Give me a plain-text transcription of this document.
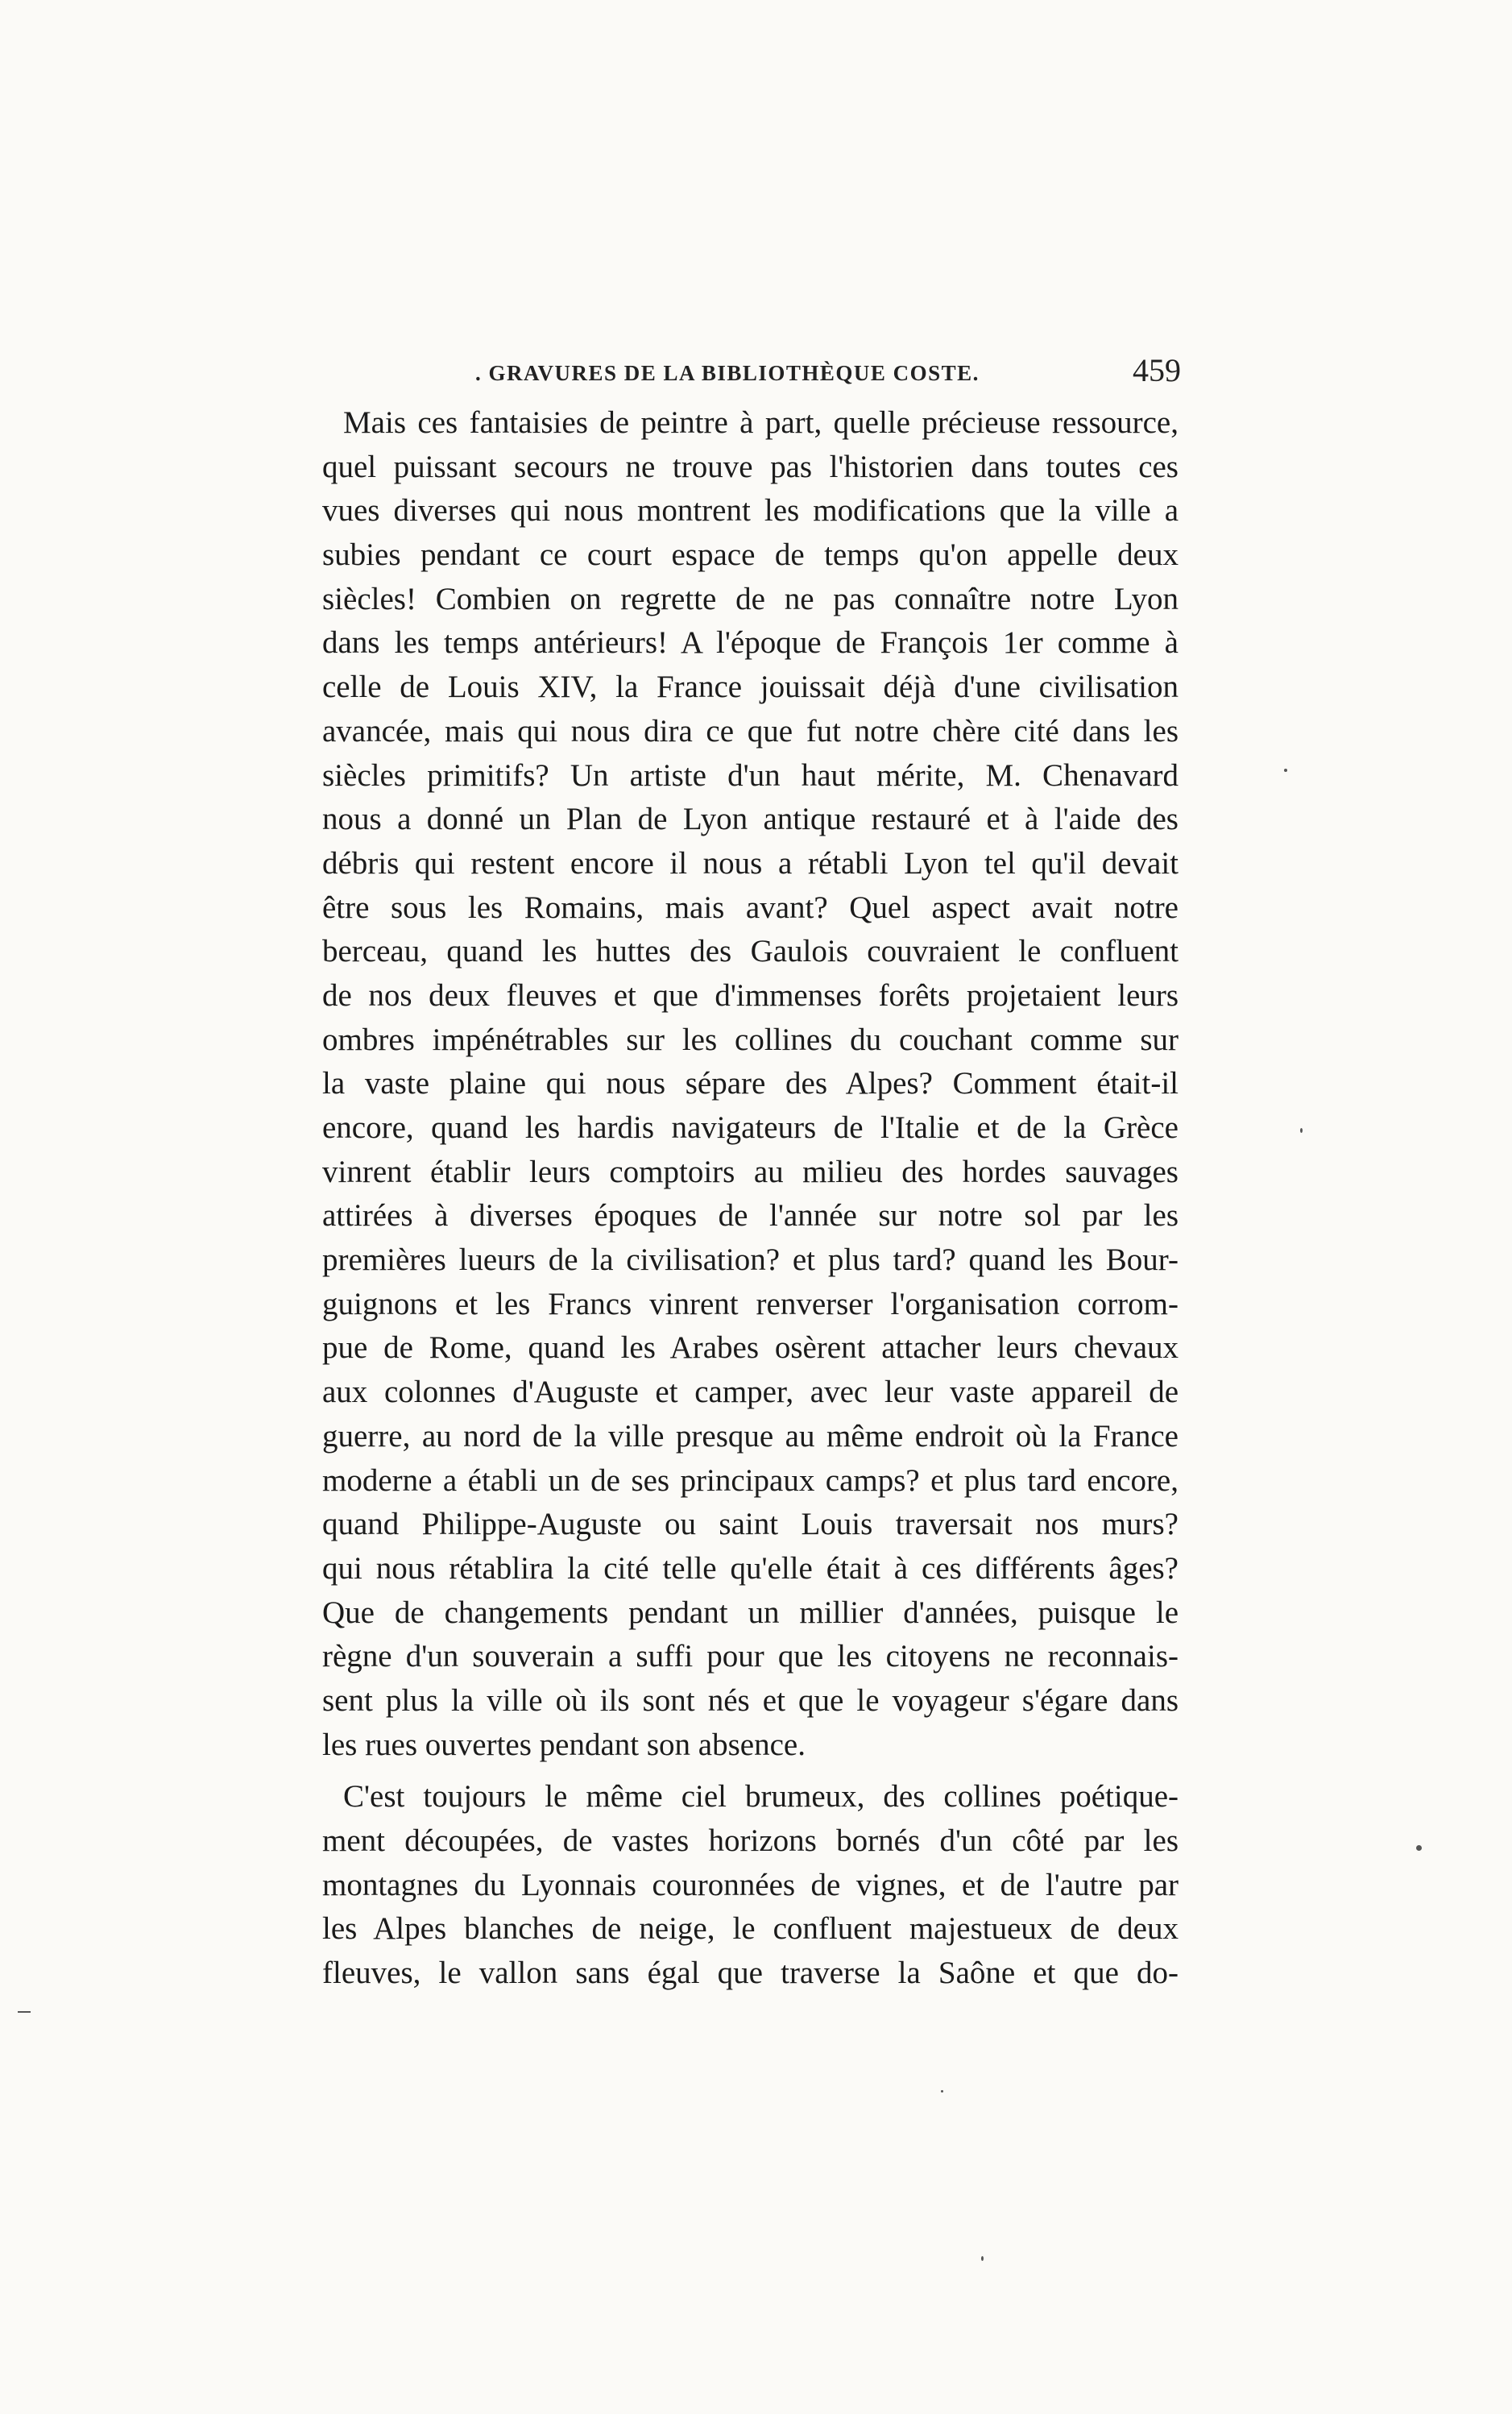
. GRAVURES DE LA BIBLIOTHÈQUE COSTE.	459
Mais ces fantaisies de peintre à part, quelle précieuse ressource,
quel puissant secours ne trouve pas l'historien dans toutes ces
vues diverses qui nous montrent les modifications que la ville a
subies pendant ce court espace de temps qu'on appelle deux
siècles! Combien on regrette de ne pas connaître notre Lyon
dans les temps antérieurs! A l'époque de François 1er comme à
celle de Louis XIV, la France jouissait déjà d'une civilisation
avancée, mais qui nous dira ce que fut notre chère cité dans les
siècles primitifs? Un artiste d'un haut mérite, M. Chenavard
nous a donné un Plan de Lyon antique restauré et à l'aide des
débris qui restent encore il nous a rétabli Lyon tel qu'il devait
être sous les Romains, mais avant? Quel aspect avait notre
berceau, quand les huttes des Gaulois couvraient le confluent
de nos deux fleuves et que d'immenses forêts projetaient leurs
ombres impénétrables sur les collines du couchant comme sur
la vaste plaine qui nous sépare des Alpes? Comment était-il
encore, quand les hardis navigateurs de l'Italie et de la Grèce
vinrent établir leurs comptoirs au milieu des hordes sauvages
attirées à diverses époques de l'année sur notre sol par les
premières lueurs de la civilisation? et plus tard? quand les Bour-
guignons et les Francs vinrent renverser l'organisation corrom-
pue de Rome, quand les Arabes osèrent attacher leurs chevaux
aux colonnes d'Auguste et camper, avec leur vaste appareil de
guerre, au nord de la ville presque au même endroit où la France
moderne a établi un de ses principaux camps? et plus tard encore,
quand Philippe-Auguste ou saint Louis traversait nos murs?
qui nous rétablira la cité telle qu'elle était à ces différents âges?
Que de changements pendant un millier d'années, puisque le
règne d'un souverain a suffi pour que les citoyens ne reconnais-
sent plus la ville où ils sont nés et que le voyageur s'égare dans
les rues ouvertes pendant son absence.
C'est toujours le même ciel brumeux, des collines poétique-
ment découpées, de vastes horizons bornés d'un côté par les
montagnes du Lyonnais couronnées de vignes, et de l'autre par
les Alpes blanches de neige, le confluent majestueux de deux
fleuves, le vallon sans égal que traverse la Saône et que do-
